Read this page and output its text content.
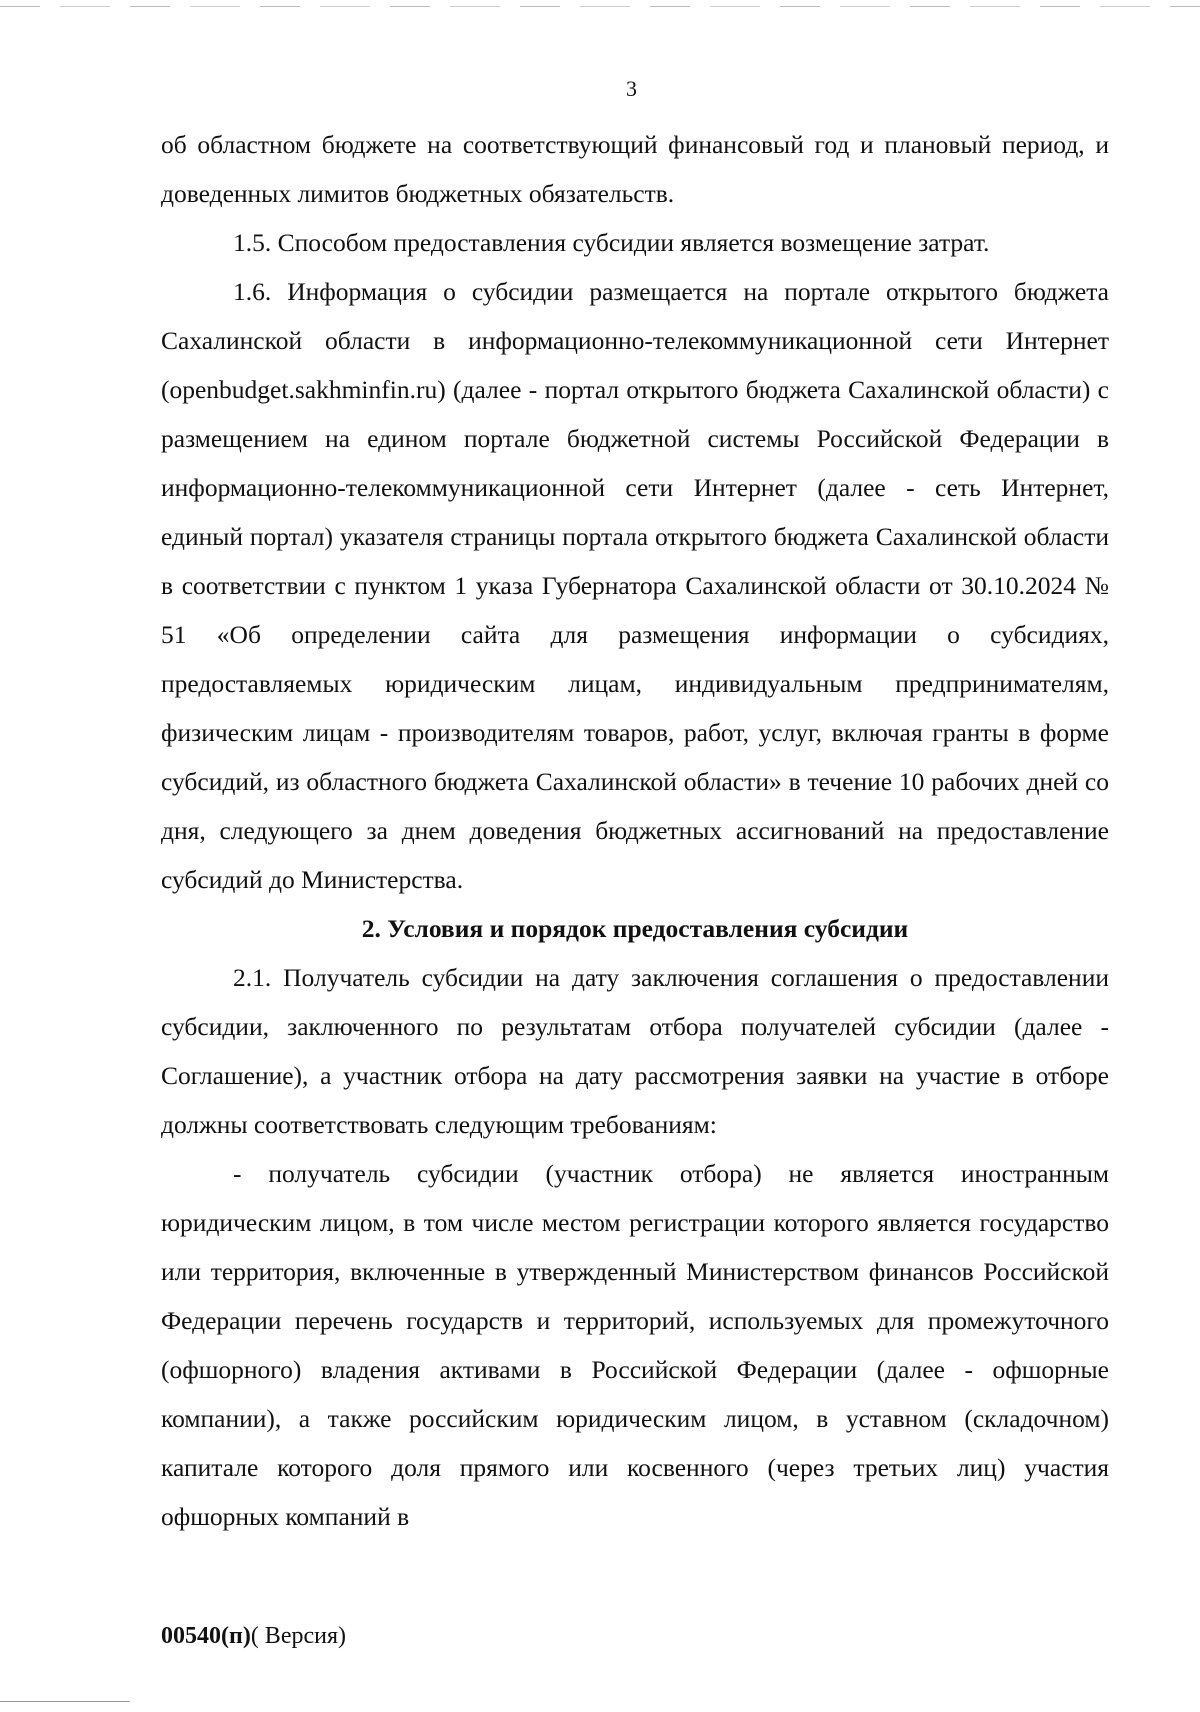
3

об областном бюджете на соответствующий финансовый год и плановый период, и доведенных лимитов бюджетных обязательств.

1.5. Способом предоставления субсидии является возмещение затрат.

1.6. Информация о субсидии размещается на портале открытого бюджета Сахалинской области в информационно-телекоммуникационной сети Интернет (openbudget.sakhminfin.ru) (далее - портал открытого бюджета Сахалинской области) с размещением на едином портале бюджетной системы Российской Федерации в информационно-телекоммуникационной сети Интернет (далее - сеть Интернет, единый портал) указателя страницы портала открытого бюджета Сахалинской области в соответствии с пунктом 1 указа Губернатора Сахалинской области от 30.10.2024 № 51 «Об определении сайта для размещения информации о субсидиях, предоставляемых юридическим лицам, индивидуальным предпринимателям, физическим лицам - производителям товаров, работ, услуг, включая гранты в форме субсидий, из областного бюджета Сахалинской области» в течение 10 рабочих дней со дня, следующего за днем доведения бюджетных ассигнований на предоставление субсидий до Министерства.

2. Условия и порядок предоставления субсидии

2.1. Получатель субсидии на дату заключения соглашения о предоставлении субсидии, заключенного по результатам отбора получателей субсидии (далее - Соглашение), а участник отбора на дату рассмотрения заявки на участие в отборе должны соответствовать следующим требованиям:

- получатель субсидии (участник отбора) не является иностранным юридическим лицом, в том числе местом регистрации которого является государство или территория, включенные в утвержденный Министерством финансов Российской Федерации перечень государств и территорий, используемых для промежуточного (офшорного) владения активами в Российской Федерации (далее - офшорные компании), а также российским юридическим лицом, в уставном (складочном) капитале которого доля прямого или косвенного (через третьих лиц) участия офшорных компаний в

00540(п)( Версия)
